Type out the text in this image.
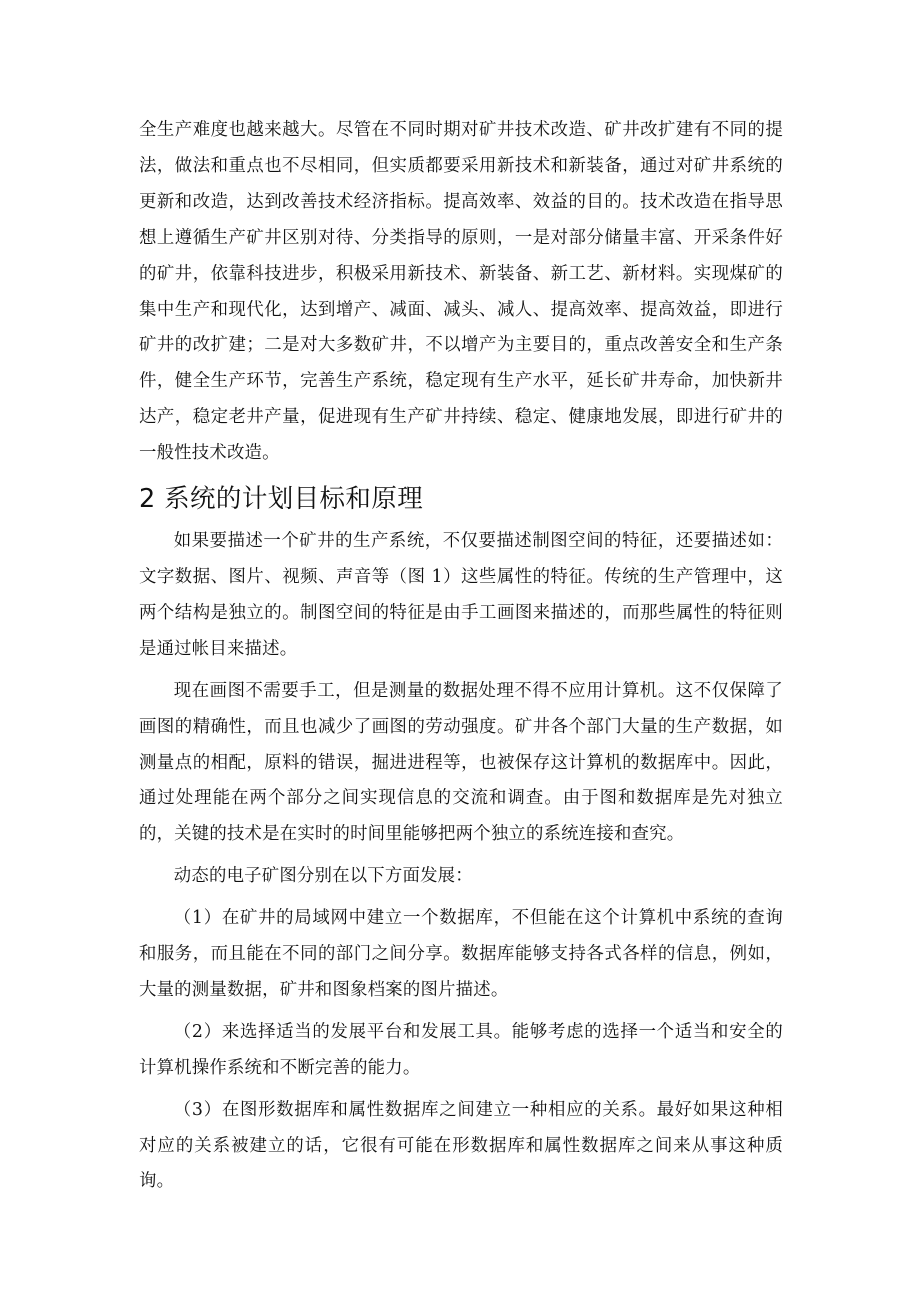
全生产难度也越来越大。尽管在不同时期对矿井技术改造、矿井改扩建有不同的提法，做法和重点也不尽相同，但实质都要采用新技术和新装备，通过对矿井系统的更新和改造，达到改善技术经济指标。提高效率、效益的目的。技术改造在指导思想上遵循生产矿井区别对待、分类指导的原则，一是对部分储量丰富、开采条件好的矿井，依靠科技进步，积极采用新技术、新装备、新工艺、新材料。实现煤矿的集中生产和现代化，达到增产、减面、减头、减人、提高效率、提高效益，即进行矿井的改扩建；二是对大多数矿井，不以增产为主要目的，重点改善安全和生产条件，健全生产环节，完善生产系统，稳定现有生产水平，延长矿井寿命，加快新井达产，稳定老井产量，促进现有生产矿井持续、稳定、健康地发展，即进行矿井的一般性技术改造。

2 系统的计划目标和原理

如果要描述一个矿井的生产系统，不仅要描述制图空间的特征，还要描述如：文字数据、图片、视频、声音等（图 1）这些属性的特征。传统的生产管理中，这两个结构是独立的。制图空间的特征是由手工画图来描述的，而那些属性的特征则是通过帐目来描述。

现在画图不需要手工，但是测量的数据处理不得不应用计算机。这不仅保障了画图的精确性，而且也减少了画图的劳动强度。矿井各个部门大量的生产数据，如测量点的相配，原料的错误，掘进进程等，也被保存这计算机的数据库中。因此，通过处理能在两个部分之间实现信息的交流和调查。由于图和数据库是先对独立的，关键的技术是在实时的时间里能够把两个独立的系统连接和查究。

动态的电子矿图分别在以下方面发展：

（1）在矿井的局域网中建立一个数据库，不但能在这个计算机中系统的查询和服务，而且能在不同的部门之间分享。数据库能够支持各式各样的信息，例如，大量的测量数据，矿井和图象档案的图片描述。

（2）来选择适当的发展平台和发展工具。能够考虑的选择一个适当和安全的计算机操作系统和不断完善的能力。

（3）在图形数据库和属性数据库之间建立一种相应的关系。最好如果这种相对应的关系被建立的话，它很有可能在形数据库和属性数据库之间来从事这种质询。
